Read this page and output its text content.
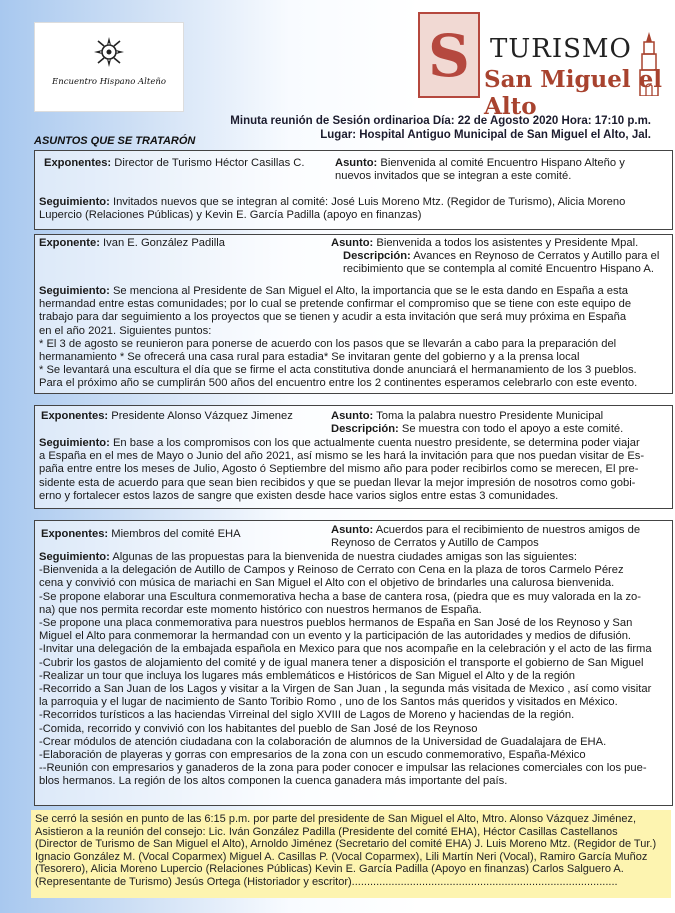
Encuentro Hispano Alteño	S TURISMO
San Miguel el Alto
Minuta reunión de Sesión ordinarioa Día: 22 de Agosto 2020 Hora: 17:10 p.m.
Lugar: Hospital Antiguo Municipal de San Miguel el Alto, Jal.
ASUNTOS QUE SE TRATARÓN
Exponentes: Director de Turismo Héctor Casillas C.	Asunto: Bienvenida al comité Encuentro Hispano Alteño y
nuevos invitados que se integran a este comité.
Seguimiento: Invitados nuevos que se integran al comité: José Luis Moreno Mtz. (Regidor de Turismo), Alicia Moreno
Lupercio (Relaciones Públicas) y Kevin E. García Padilla (apoyo en finanzas)
Exponente: Ivan E. González Padilla	Asunto: Bienvenida a todos los asistentes y Presidente Mpal.
Descripción: Avances en Reynoso de Cerratos y Autillo para el
recibimiento que se contempla al comité Encuentro Hispano A.
Seguimiento: Se menciona al Presidente de San Miguel el Alto, la importancia que se le esta dando en España a esta
hermandad entre estas comunidades; por lo cual se pretende confirmar el compromiso que se tiene con este equipo de
trabajo para dar seguimiento a los proyectos que se tienen y acudir a esta invitación que será muy próxima en España
en el año 2021. Siguientes puntos:
* El 3 de agosto se reunieron para ponerse de acuerdo con los pasos que se llevarán a cabo para la preparación del
hermanamiento * Se ofrecerá una casa rural para estadia* Se invitaran gente del gobierno y a la prensa local
* Se levantará una escultura el día que se firme el acta constitutiva donde anunciará el hermanamiento de los 3 pueblos.
Para el próximo año se cumplirán 500 años del encuentro entre los 2 continentes esperamos celebrarlo con este evento.
Exponentes: Presidente Alonso Vázquez Jimenez	Asunto: Toma la palabra nuestro Presidente Municipal
Descripción: Se muestra con todo el apoyo a este comité.
Seguimiento: En base a los compromisos con los que actualmente cuenta nuestro presidente, se determina poder viajar
a España en el mes de Mayo o Junio del año 2021, así mismo se les hará la invitación para que nos puedan visitar de Es-
paña entre entre los meses de Julio, Agosto ó Septiembre del mismo año para poder recibirlos como se merecen, El pre-
sidente esta de acuerdo para que sean bien recibidos y que se puedan llevar la mejor impresión de nosotros como gobi-
erno y fortalecer estos lazos de sangre que existen desde hace varios siglos entre estas 3 comunidades.
Exponentes: Miembros del comité EHA	Asunto: Acuerdos para el recibimiento de nuestros amigos de
Reynoso de Cerratos y Autillo de Campos
Seguimiento: Algunas de las propuestas para la bienvenida de nuestra ciudades amigas son las siguientes:
-Bienvenida a la delegación de Autillo de Campos y Reinoso de Cerrato con Cena en la plaza de toros Carmelo Pérez
cena y convivió con música de mariachi en San Miguel el Alto con el objetivo de brindarles una calurosa bienvenida.
-Se propone elaborar una Escultura conmemorativa hecha a base de cantera rosa, (piedra que es muy valorada en la zo-
na) que nos permita recordar este momento histórico con nuestros hermanos de España.
-Se propone una placa conmemorativa para nuestros pueblos hermanos de España en San José de los Reynoso y San
Miguel el Alto para conmemorar la hermandad con un evento y la participación de las autoridades y medios de difusión.
-Invitar una delegación de la embajada española en Mexico para que nos acompañe en la celebración y el acto de las firma
-Cubrir los gastos de alojamiento del comité y de igual manera tener a disposición el transporte el gobierno de San Miguel
-Realizar un tour que incluya los lugares más emblemáticos e Históricos de San Miguel el Alto y de la región
-Recorrido a San Juan de los Lagos y visitar a la Virgen de San Juan , la segunda más visitada de Mexico , así como visitar
la parroquia y el lugar de nacimiento de Santo Toribio Romo , uno de los Santos más queridos y visitados en México.
-Recorridos turísticos a las haciendas Virreinal del siglo XVIII de Lagos de Moreno y haciendas de la región.
-Comida, recorrido y convivió con los habitantes del pueblo de San José de los Reynoso
-Crear módulos de atención ciudadana con la colaboración de alumnos de la Universidad de Guadalajara de EHA.
-Elaboración de playeras y gorras con empresarios de la zona con un escudo conmemorativo, España-México
--Reunión con empresarios y ganaderos de la zona para poder conocer e impulsar las relaciones comerciales con los pue-
blos hermanos. La región de los altos componen la cuenca ganadera más importante del país.
Se cerró la sesión en punto de las 6:15 p.m. por parte del presidente de San Miguel el Alto, Mtro. Alonso Vázquez Jiménez,
Asistieron a la reunión del consejo: Lic. Iván González Padilla (Presidente del comité EHA), Héctor Casillas Castellanos
(Director de Turismo de San Miguel el Alto), Arnoldo Jiménez (Secretario del comité EHA) J. Luis Moreno Mtz. (Regidor de Tur.)
Ignacio González M. (Vocal Coparmex) Miguel A. Casillas P. (Vocal Coparmex), Lili Martín Neri (Vocal), Ramiro García Muñoz
(Tesorero), Alicia Moreno Lupercio (Relaciones Públicas) Kevin E. García Padilla (Apoyo en finanzas) Carlos Salguero A.
(Representante de Turismo) Jesús Ortega (Historiador y escritor).......................................................................................
